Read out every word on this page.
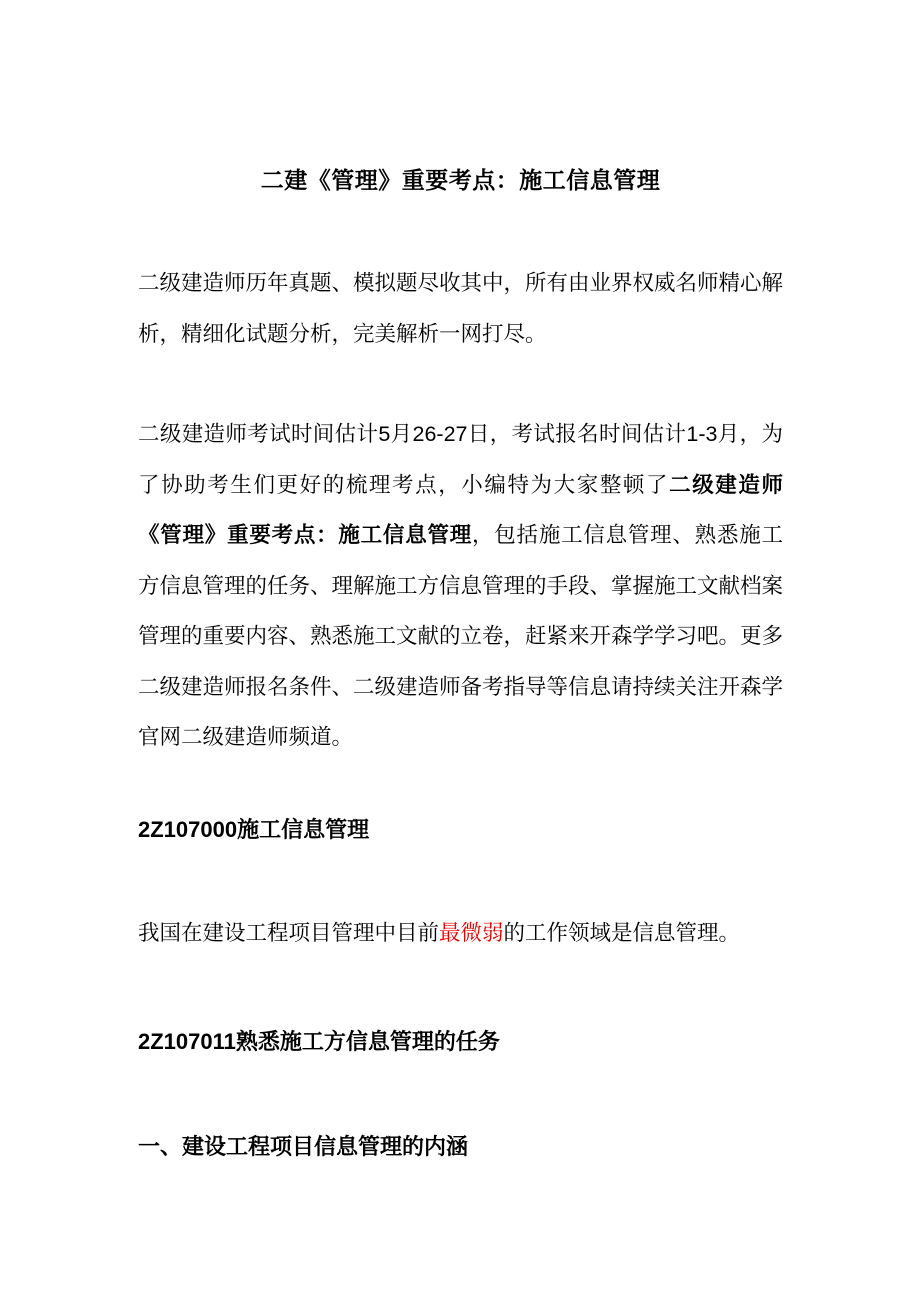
二建《管理》重要考点：施工信息管理

二级建造师历年真题、模拟题尽收其中，所有由业界权威名师精心解析，精细化试题分析，完美解析一网打尽。

二级建造师考试时间估计5月26-27日，考试报名时间估计1-3月，为了协助考生们更好的梳理考点，小编特为大家整顿了二级建造师《管理》重要考点：施工信息管理，包括施工信息管理、熟悉施工方信息管理的任务、理解施工方信息管理的手段、掌握施工文献档案管理的重要内容、熟悉施工文献的立卷，赶紧来开森学学习吧。更多二级建造师报名条件、二级建造师备考指导等信息请持续关注开森学官网二级建造师频道。

2Z107000施工信息管理

我国在建设工程项目管理中目前最微弱的工作领域是信息管理。

2Z107011熟悉施工方信息管理的任务
一、建设工程项目信息管理的内涵
